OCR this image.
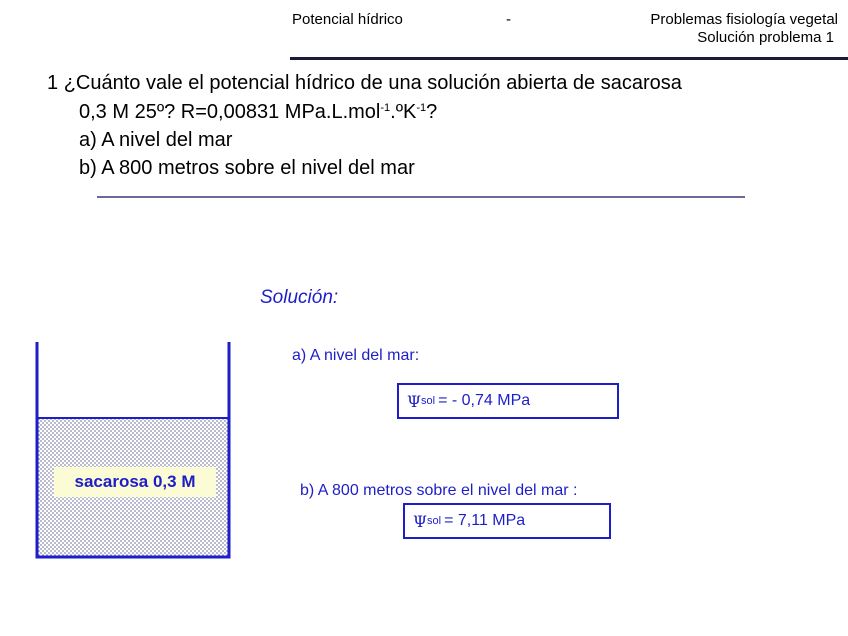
Potencial hídrico	-	Problemas fisiología vegetal
Solución problema 1
1 ¿Cuánto vale el potencial hídrico de una solución abierta de sacarosa
0,3 M 25º? R=0,00831 MPa.L.mol$^{-1}$.ºK$^{-1}$?
a) A nivel del mar
b) A 800 metros sobre el nivel del mar
Solución:
a) A nivel del mar:
Ψ sol = - 0,74 MPa
b) A 800 metros sobre el nivel del mar :
Ψ sol = 7,11 MPa
sacarosa 0,3 M
